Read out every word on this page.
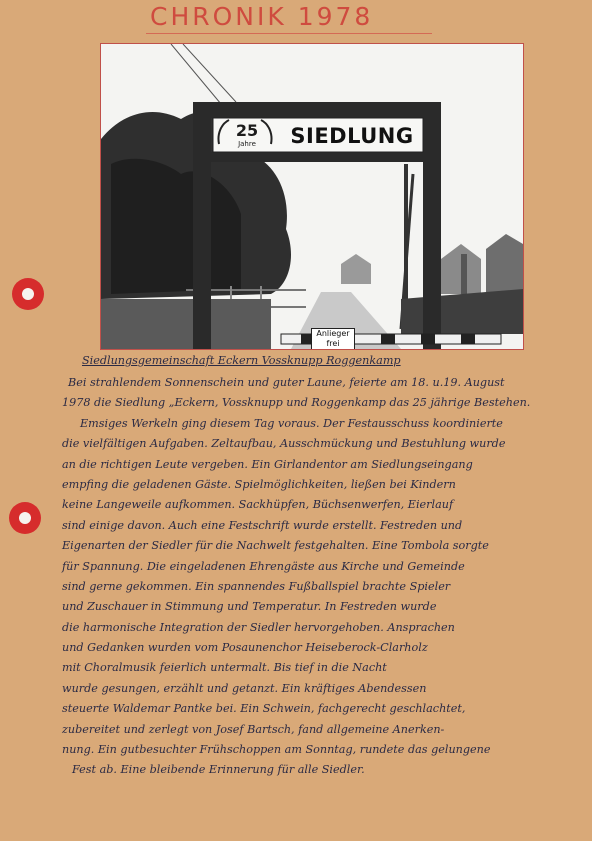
CHRONIK 1978
25
Jahre	SIEDLUNG
Anlieger frei
Siedlungsgemeinschaft Eckern Vossknupp Roggenkamp
Bei strahlendem Sonnenschein und guter Laune, feierte am 18. u.19. August
1978 die Siedlung „Eckern, Vossknupp und Roggenkamp das 25 jährige Bestehen.
Emsiges Werkeln ging diesem Tag voraus. Der Festausschuss koordinierte
die vielfältigen Aufgaben. Zeltaufbau, Ausschmückung und Bestuhlung wurde
an die richtigen Leute vergeben. Ein Girlandentor am Siedlungseingang
empfing die geladenen Gäste. Spielmöglichkeiten, ließen bei Kindern
keine Langeweile aufkommen. Sackhüpfen, Büchsenwerfen, Eierlauf
sind einige davon. Auch eine Festschrift wurde erstellt. Festreden und
Eigenarten der Siedler für die Nachwelt festgehalten. Eine Tombola sorgte
für Spannung. Die eingeladenen Ehrengäste aus Kirche und Gemeinde
sind gerne gekommen. Ein spannendes Fußballspiel brachte Spieler
und Zuschauer in Stimmung und Temperatur. In Festreden wurde
die harmonische Integration der Siedler hervorgehoben. Ansprachen
und Gedanken wurden vom Posaunenchor Heiseberock-Clarholz
mit Choralmusik feierlich untermalt. Bis tief in die Nacht
wurde gesungen, erzählt und getanzt. Ein kräftiges Abendessen
steuerte Waldemar Pantke bei. Ein Schwein, fachgerecht geschlachtet,
zubereitet und zerlegt von Josef Bartsch, fand allgemeine Anerken-
nung. Ein gutbesuchter Frühschoppen am Sonntag, rundete das gelungene
Fest ab. Eine bleibende Erinnerung für alle Siedler.
